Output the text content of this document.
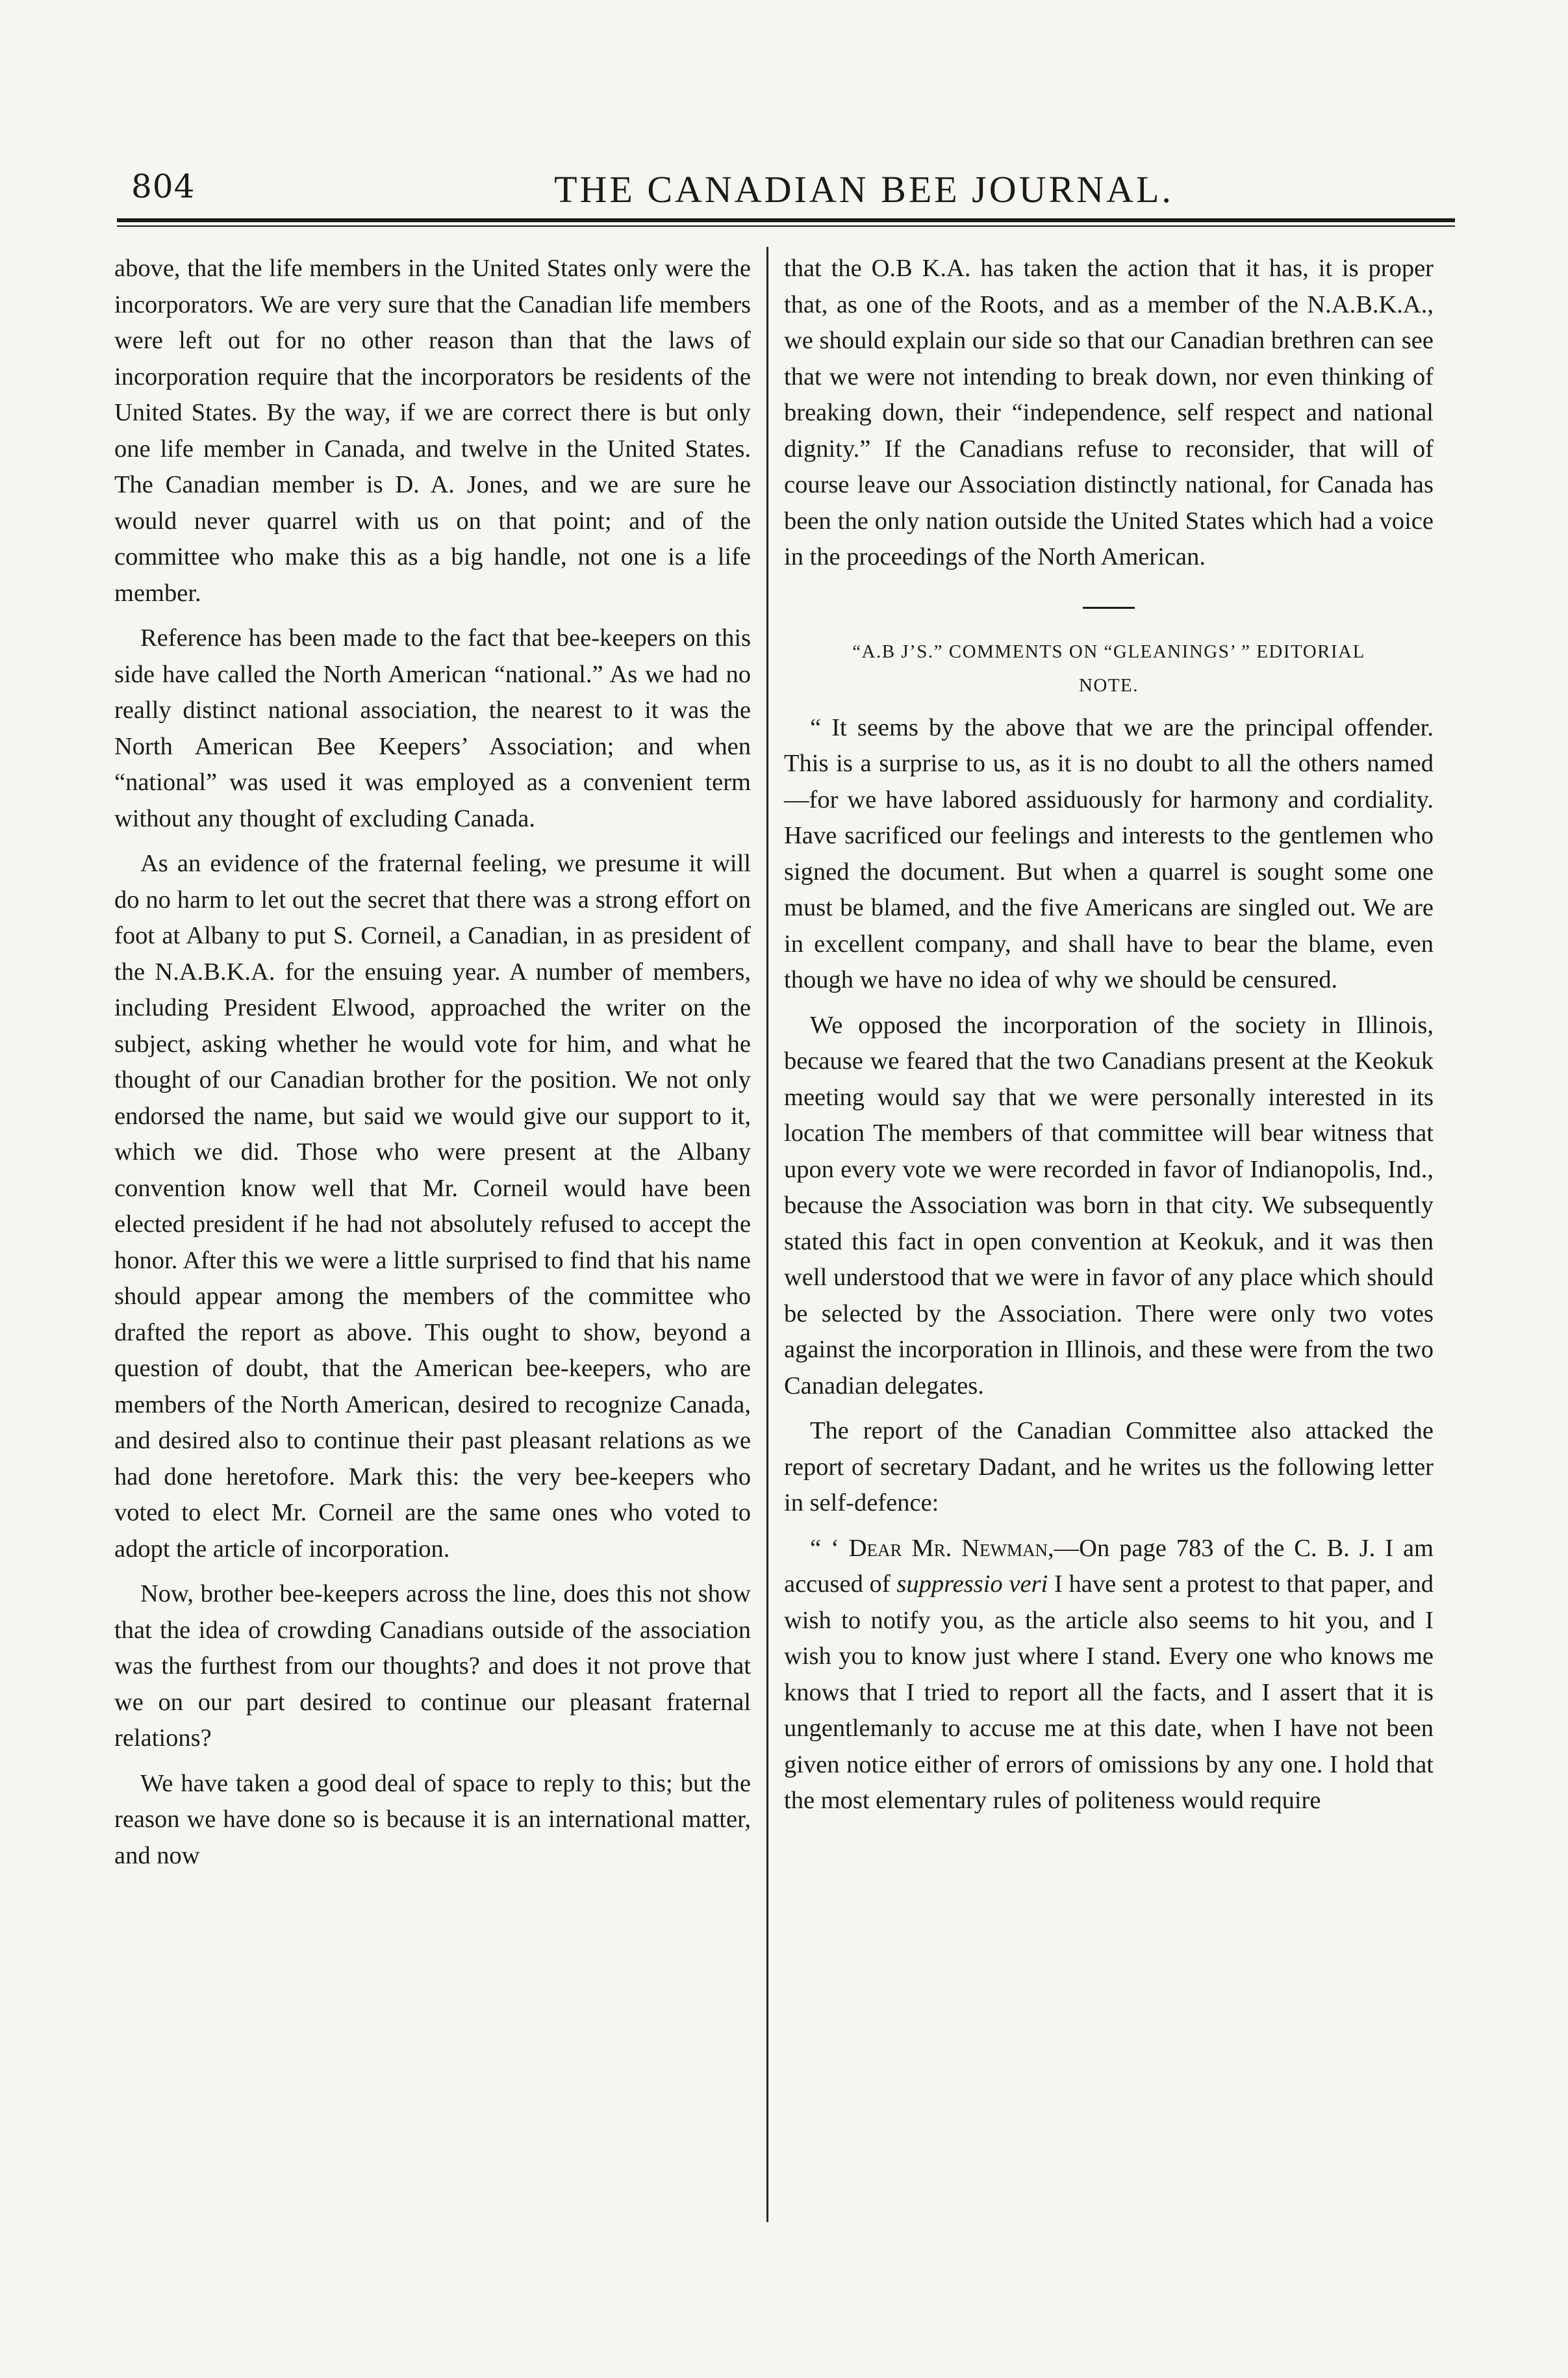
804	THE CANADIAN BEE JOURNAL.

above, that the life members in the United States only were the incorporators. We are very sure that the Canadian life members were left out for no other reason than that the laws of incorporation require that the incorporators be residents of the United States. By the way, if we are correct there is but only one life member in Canada, and twelve in the United States. The Canadian member is D. A. Jones, and we are sure he would never quarrel with us on that point; and of the committee who make this as a big handle, not one is a life member.

Reference has been made to the fact that bee-keepers on this side have called the North American “national.” As we had no really distinct national association, the nearest to it was the North American Bee Keepers’ Association; and when “national” was used it was employed as a convenient term without any thought of excluding Canada.

As an evidence of the fraternal feeling, we presume it will do no harm to let out the secret that there was a strong effort on foot at Albany to put S. Corneil, a Canadian, in as president of the N.A.B.K.A. for the ensuing year. A number of members, including President Elwood, approached the writer on the subject, asking whether he would vote for him, and what he thought of our Canadian brother for the position. We not only endorsed the name, but said we would give our support to it, which we did. Those who were present at the Albany convention know well that Mr. Corneil would have been elected president if he had not absolutely refused to accept the honor. After this we were a little surprised to find that his name should appear among the members of the committee who drafted the report as above. This ought to show, beyond a question of doubt, that the American bee-keepers, who are members of the North American, desired to recognize Canada, and desired also to continue their past pleasant relations as we had done heretofore. Mark this: the very bee-keepers who voted to elect Mr. Corneil are the same ones who voted to adopt the article of incorporation.

Now, brother bee-keepers across the line, does this not show that the idea of crowding Canadians outside of the association was the furthest from our thoughts? and does it not prove that we on our part desired to continue our pleasant fraternal relations?

We have taken a good deal of space to reply to this; but the reason we have done so is because it is an international matter, and now

that the O.B K.A. has taken the action that it has, it is proper that, as one of the Roots, and as a member of the N.A.B.K.A., we should explain our side so that our Canadian brethren can see that we were not intending to break down, nor even thinking of breaking down, their “independence, self respect and national dignity.” If the Canadians refuse to reconsider, that will of course leave our Association distinctly national, for Canada has been the only nation outside the United States which had a voice in the proceedings of the North American.

“A.B J’S.” COMMENTS ON “GLEANINGS’ ” EDITORIAL
NOTE.

“ It seems by the above that we are the principal offender. This is a surprise to us, as it is no doubt to all the others named—for we have labored assiduously for harmony and cordiality. Have sacrificed our feelings and interests to the gentlemen who signed the document. But when a quarrel is sought some one must be blamed, and the five Americans are singled out. We are in excellent company, and shall have to bear the blame, even though we have no idea of why we should be censured.

We opposed the incorporation of the society in Illinois, because we feared that the two Canadians present at the Keokuk meeting would say that we were personally interested in its location The members of that committee will bear witness that upon every vote we were recorded in favor of Indianopolis, Ind., because the Association was born in that city. We subsequently stated this fact in open convention at Keokuk, and it was then well understood that we were in favor of any place which should be selected by the Association. There were only two votes against the incorporation in Illinois, and these were from the two Canadian delegates.

The report of the Canadian Committee also attacked the report of secretary Dadant, and he writes us the following letter in self-defence:

“ ‘ Dear Mr. Newman,—On page 783 of the C. B. J. I am accused of suppressio veri I have sent a protest to that paper, and wish to notify you, as the article also seems to hit you, and I wish you to know just where I stand. Every one who knows me knows that I tried to report all the facts, and I assert that it is ungentlemanly to accuse me at this date, when I have not been given notice either of errors of omissions by any one. I hold that the most elementary rules of politeness would require
